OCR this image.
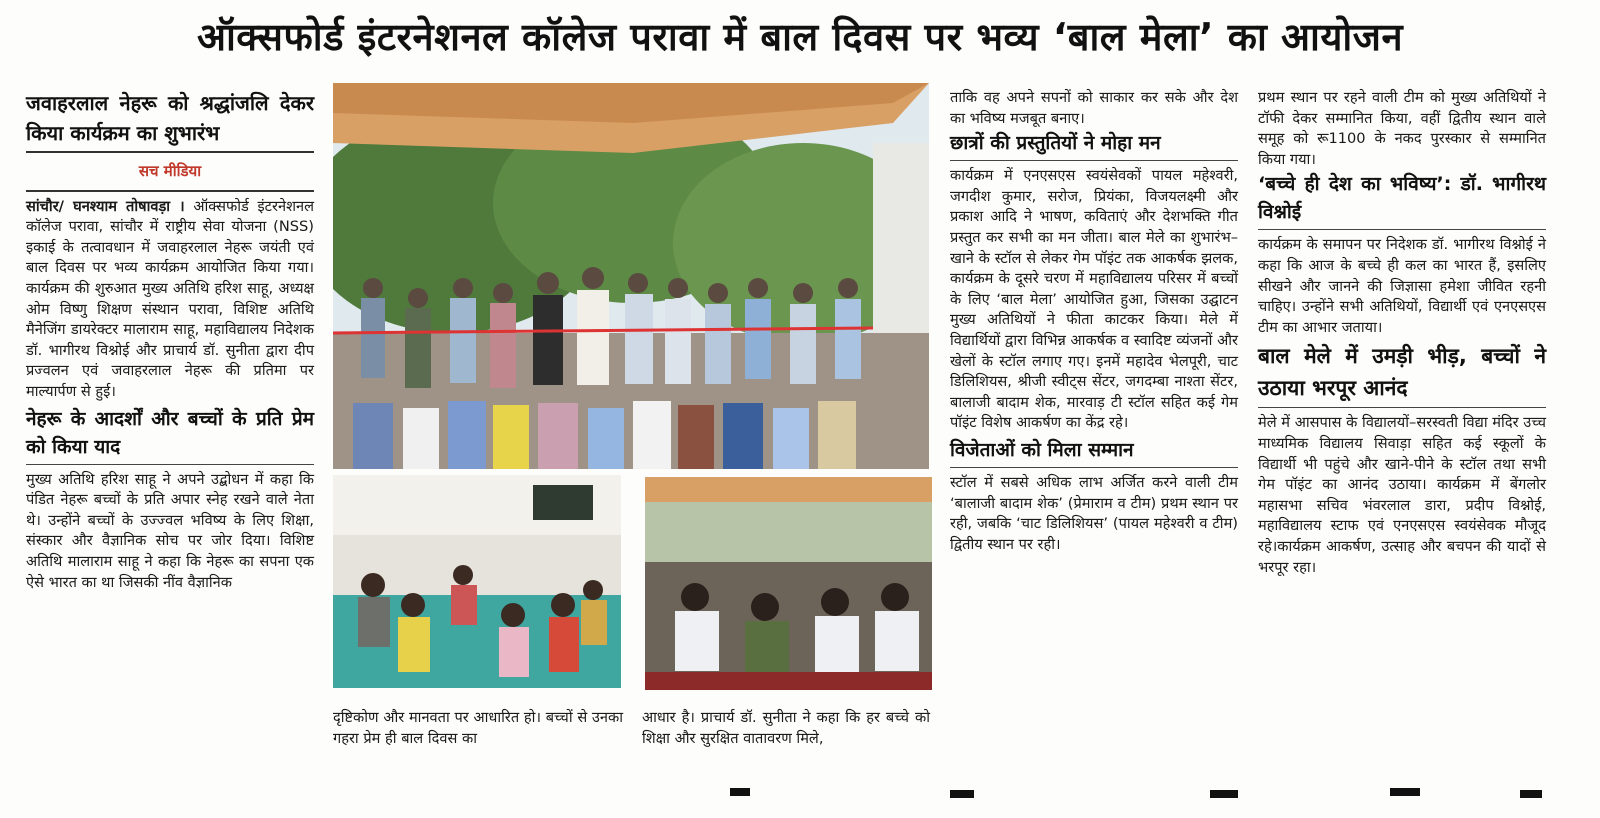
ऑक्सफोर्ड इंटरनेशनल कॉलेज परावा में बाल दिवस पर भव्य ‘बाल मेला’ का आयोजन
जवाहरलाल नेहरू को श्रद्धांजलि देकर किया कार्यक्रम का शुभारंभ
सच मीडिया
सांचौर/ घनश्याम तोषावड़ा । ऑक्सफोर्ड इंटरनेशनल कॉलेज परावा, सांचौर में राष्ट्रीय सेवा योजना (NSS) इकाई के तत्वावधान में जवाहरलाल नेहरू जयंती एवं बाल दिवस पर भव्य कार्यक्रम आयोजित किया गया। कार्यक्रम की शुरुआत मुख्य अतिथि हरिश साहू, अध्यक्ष ओम विष्णु शिक्षण संस्थान परावा, विशिष्ट अतिथि मैनेजिंग डायरेक्टर मालाराम साहू, महाविद्यालय निदेशक डॉ. भागीरथ विश्नोई और प्राचार्य डॉ. सुनीता द्वारा दीप प्रज्वलन एवं जवाहरलाल नेहरू की प्रतिमा पर माल्यार्पण से हुई।
नेहरू के आदर्शों और बच्चों के प्रति प्रेम को किया याद
मुख्य अतिथि हरिश साहू ने अपने उद्बोधन में कहा कि पंडित नेहरू बच्चों के प्रति अपार स्नेह रखने वाले नेता थे। उन्होंने बच्चों के उज्ज्वल भविष्य के लिए शिक्षा, संस्कार और वैज्ञानिक सोच पर जोर दिया। विशिष्ट अतिथि मालाराम साहू ने कहा कि नेहरू का सपना एक ऐसे भारत का था जिसकी नींव वैज्ञानिक
दृष्टिकोण और मानवता पर आधारित हो। बच्चों से उनका गहरा प्रेम ही बाल दिवस का
आधार है। प्राचार्य डॉ. सुनीता ने कहा कि हर बच्चे को शिक्षा और सुरक्षित वातावरण मिले,
ताकि वह अपने सपनों को साकार कर सके और देश का भविष्य मजबूत बनाए।
छात्रों की प्रस्तुतियों ने मोहा मन
कार्यक्रम में एनएसएस स्वयंसेवकों पायल महेश्वरी, जगदीश कुमार, सरोज, प्रियंका, विजयलक्ष्मी और प्रकाश आदि ने भाषण, कविताएं और देशभक्ति गीत प्रस्तुत कर सभी का मन जीता। बाल मेले का शुभारंभ–खाने के स्टॉल से लेकर गेम पॉइंट तक आकर्षक झलक, कार्यक्रम के दूसरे चरण में महाविद्यालय परिसर में बच्चों के लिए ‘बाल मेला’ आयोजित हुआ, जिसका उद्घाटन मुख्य अतिथियों ने फीता काटकर किया। मेले में विद्यार्थियों द्वारा विभिन्न आकर्षक व स्वादिष्ट व्यंजनों और खेलों के स्टॉल लगाए गए। इनमें महादेव भेलपूरी, चाट डिलिशियस, श्रीजी स्वीट्स सेंटर, जगदम्बा नाश्ता सेंटर, बालाजी बादाम शेक, मारवाड़ टी स्टॉल सहित कई गेम पॉइंट विशेष आकर्षण का केंद्र रहे।
विजेताओं को मिला सम्मान
स्टॉल में सबसे अधिक लाभ अर्जित करने वाली टीम ‘बालाजी बादाम शेक’ (प्रेमाराम व टीम) प्रथम स्थान पर रही, जबकि ‘चाट डिलिशियस’ (पायल महेश्वरी व टीम) द्वितीय स्थान पर रही।
प्रथम स्थान पर रहने वाली टीम को मुख्य अतिथियों ने टॉफी देकर सम्मानित किया, वहीं द्वितीय स्थान वाले समूह को रू1100 के नकद पुरस्कार से सम्मानित किया गया।
‘बच्चे ही देश का भविष्य’: डॉ. भागीरथ विश्नोई
कार्यक्रम के समापन पर निदेशक डॉ. भागीरथ विश्नोई ने कहा कि आज के बच्चे ही कल का भारत हैं, इसलिए सीखने और जानने की जिज्ञासा हमेशा जीवित रहनी चाहिए। उन्होंने सभी अतिथियों, विद्यार्थी एवं एनएसएस टीम का आभार जताया।
बाल मेले में उमड़ी भीड़, बच्चों ने उठाया भरपूर आनंद
मेले में आसपास के विद्यालयों–सरस्वती विद्या मंदिर उच्च माध्यमिक विद्यालय सिवाड़ा सहित कई स्कूलों के विद्यार्थी भी पहुंचे और खाने-पीने के स्टॉल तथा सभी गेम पॉइंट का आनंद उठाया। कार्यक्रम में बेंगलोर महासभा सचिव भंवरलाल डारा, प्रदीप विश्नोई, महाविद्यालय स्टाफ एवं एनएसएस स्वयंसेवक मौजूद रहे।कार्यक्रम आकर्षण, उत्साह और बचपन की यादों से भरपूर रहा।
